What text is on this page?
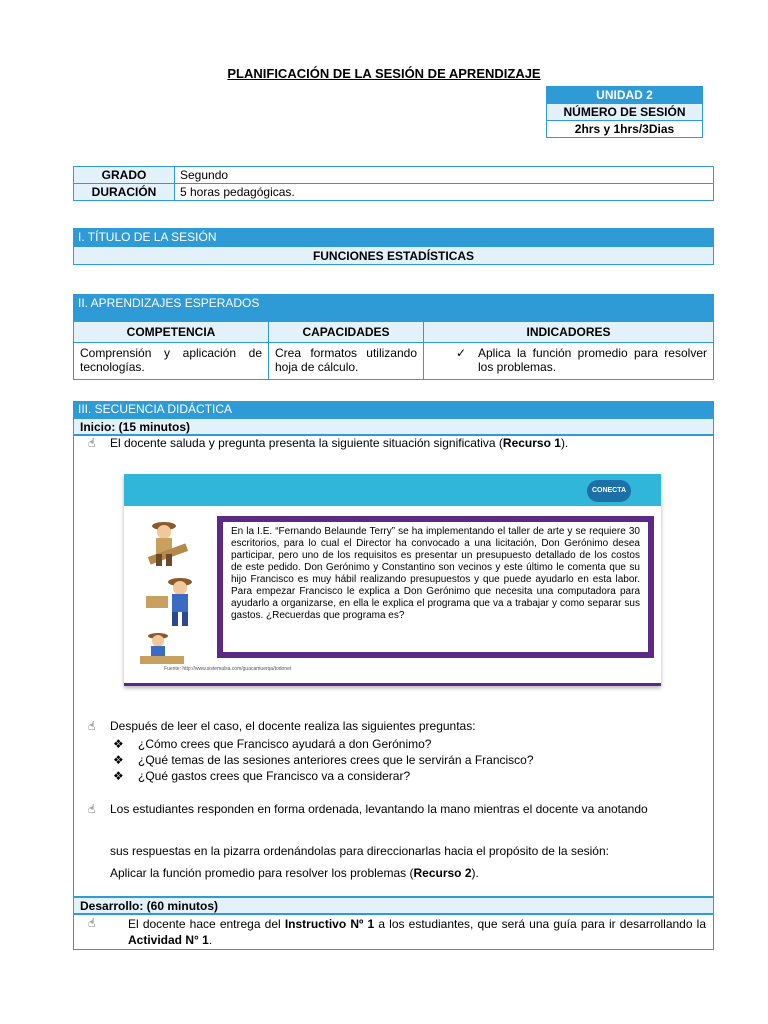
PLANIFICACIÓN DE LA SESIÓN DE APRENDIZAJE
UNIDAD 2
NÚMERO DE SESIÓN
2hrs y 1hrs/3Dias
GRADO	Segundo
DURACIÓN	5 horas pedagógicas.
I. TÍTULO DE LA SESIÓN
FUNCIONES ESTADÍSTICAS
II. APRENDIZAJES ESPERADOS
COMPETENCIA	CAPACIDADES	INDICADORES
Comprensión y aplicación de tecnologías.	Crea formatos utilizando hoja de cálculo.	✓ Aplica la función promedio para resolver los problemas.
III. SECUENCIA DIDÁCTICA
Inicio: (15 minutos)
☝ El docente saluda y pregunta presenta la siguiente situación significativa (Recurso 1).
CONECTA
En la I.E. “Fernando Belaunde Terry” se ha implementando el taller de arte y se requiere 30 escritorios, para lo cual el Director ha convocado a una licitación, Don Gerónimo desea participar, pero uno de los requisitos es presentar un presupuesto detallado de los costos de este pedido. Don Gerónimo y Constantino son vecinos y este último le comenta que su hijo Francisco es muy hábil realizando presupuestos y que puede ayudarlo en esta labor. Para empezar Francisco le explica a Don Gerónimo que necesita una computadora para ayudarlo a organizarse, en ella le explica el programa que va a trabajar y como separar sus gastos. ¿Recuerdas que programa es?
Fuente: http://www.sistemalsa.com/guacamuerqa/todonet
☝ Después de leer el caso, el docente realiza las siguientes preguntas:
❖ ¿Cómo crees que Francisco ayudará a don Gerónimo?
❖ ¿Qué temas de las sesiones anteriores crees que le servirán a Francisco?
❖ ¿Qué gastos crees que Francisco va a considerar?
☝ Los estudiantes responden en forma ordenada, levantando la mano mientras el docente va anotando
sus respuestas en la pizarra ordenándolas para direccionarlas hacia el propósito de la sesión:
Aplicar la función promedio para resolver los problemas (Recurso 2).
Desarrollo: (60 minutos)
☝	El docente hace entrega del Instructivo Nº 1 a los estudiantes, que será una guía para ir desarrollando la Actividad N° 1.
